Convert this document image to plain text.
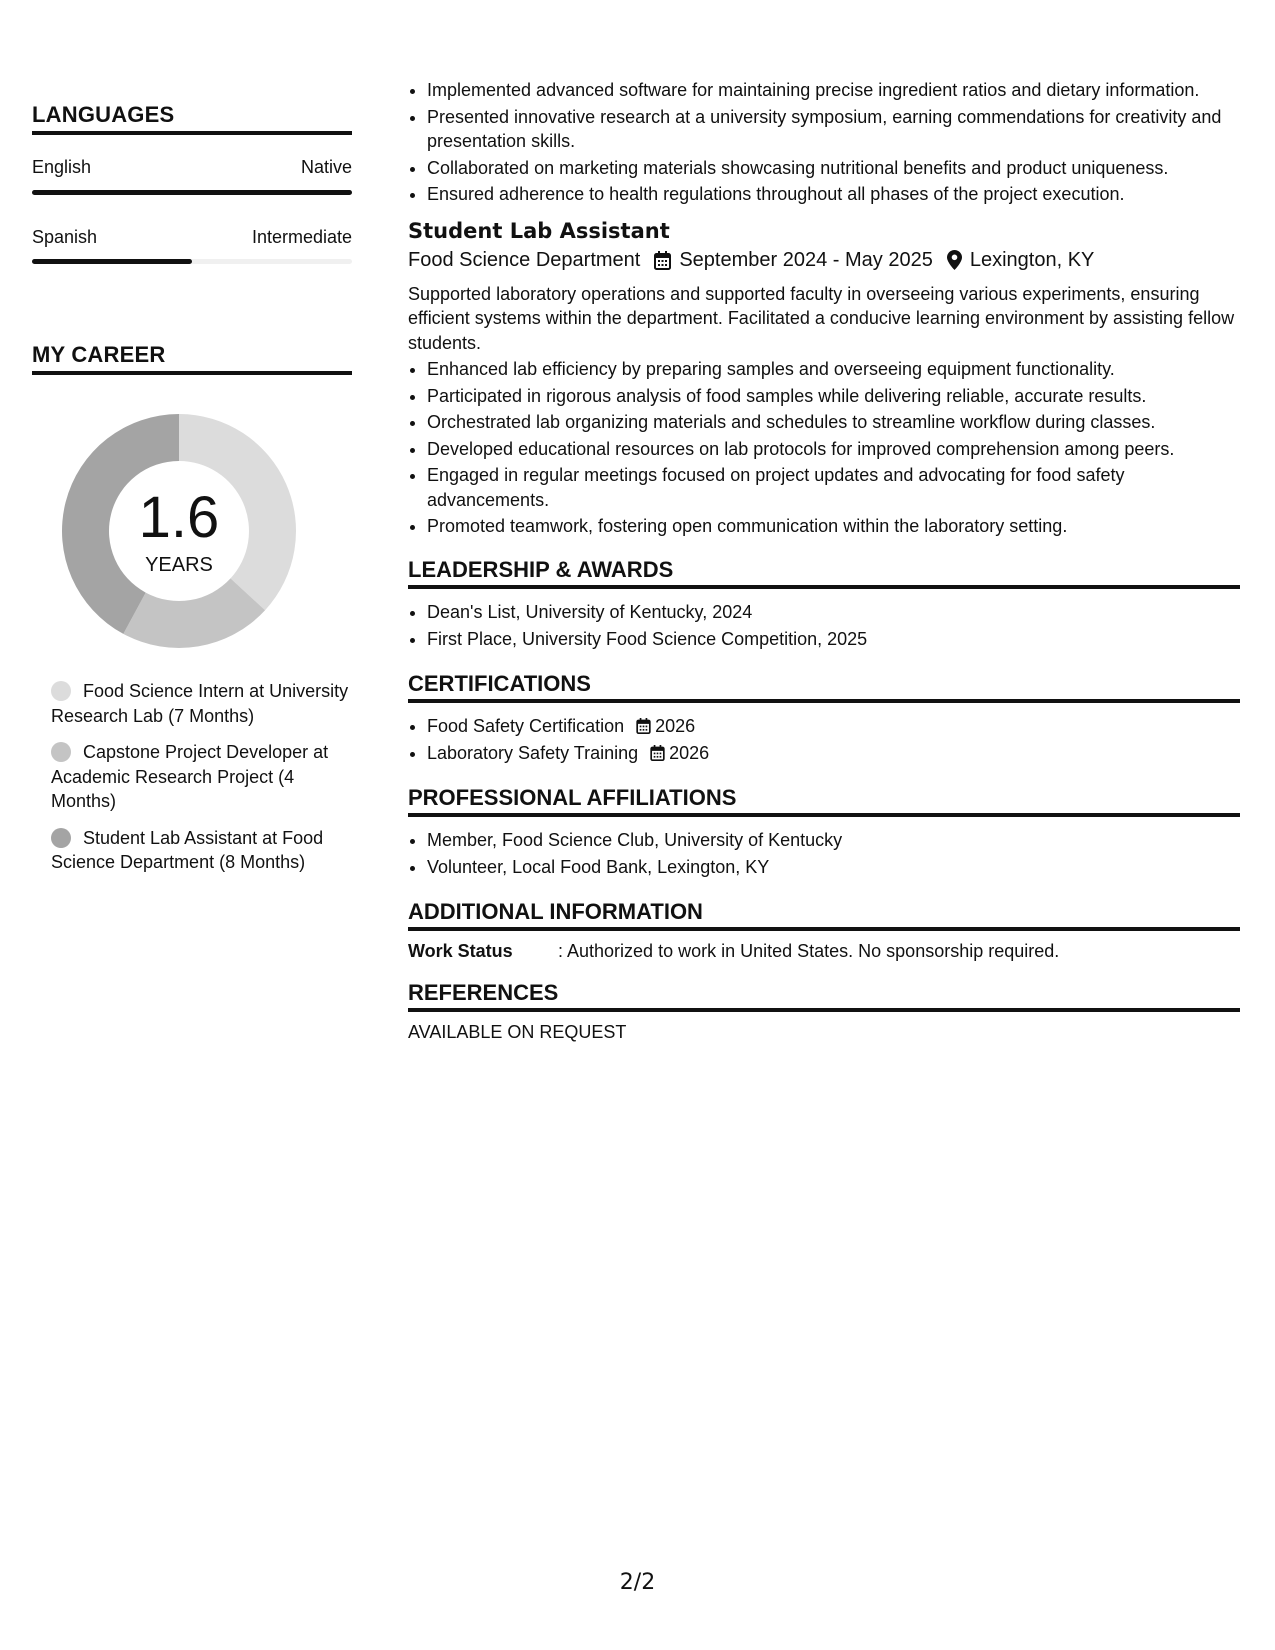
LANGUAGES
English	Native
Spanish	Intermediate
MY CAREER
1.6
YEARS
Food Science Intern at University Research Lab (7 Months)
Capstone Project Developer at Academic Research Project (4 Months)
Student Lab Assistant at Food Science Department (8 Months)
• Implemented advanced software for maintaining precise ingredient ratios and dietary information.
• Presented innovative research at a university symposium, earning commendations for creativity and presentation skills.
• Collaborated on marketing materials showcasing nutritional benefits and product uniqueness.
• Ensured adherence to health regulations throughout all phases of the project execution.
Student Lab Assistant
Food Science Department September 2024 - May 2025 Lexington, KY

Supported laboratory operations and supported faculty in overseeing various experiments, ensuring efficient systems within the department. Facilitated a conducive learning environment by assisting fellow students.

• Enhanced lab efficiency by preparing samples and overseeing equipment functionality.
• Participated in rigorous analysis of food samples while delivering reliable, accurate results.
• Orchestrated lab organizing materials and schedules to streamline workflow during classes.
• Developed educational resources on lab protocols for improved comprehension among peers.
• Engaged in regular meetings focused on project updates and advocating for food safety advancements.
• Promoted teamwork, fostering open communication within the laboratory setting.
LEADERSHIP & AWARDS
• Dean's List, University of Kentucky, 2024
• First Place, University Food Science Competition, 2025
CERTIFICATIONS
• Food Safety Certification 2026
• Laboratory Safety Training 2026
PROFESSIONAL AFFILIATIONS
• Member, Food Science Club, University of Kentucky
• Volunteer, Local Food Bank, Lexington, KY
ADDITIONAL INFORMATION
Work Status	: Authorized to work in United States. No sponsorship required.
REFERENCES
AVAILABLE ON REQUEST
2/2
